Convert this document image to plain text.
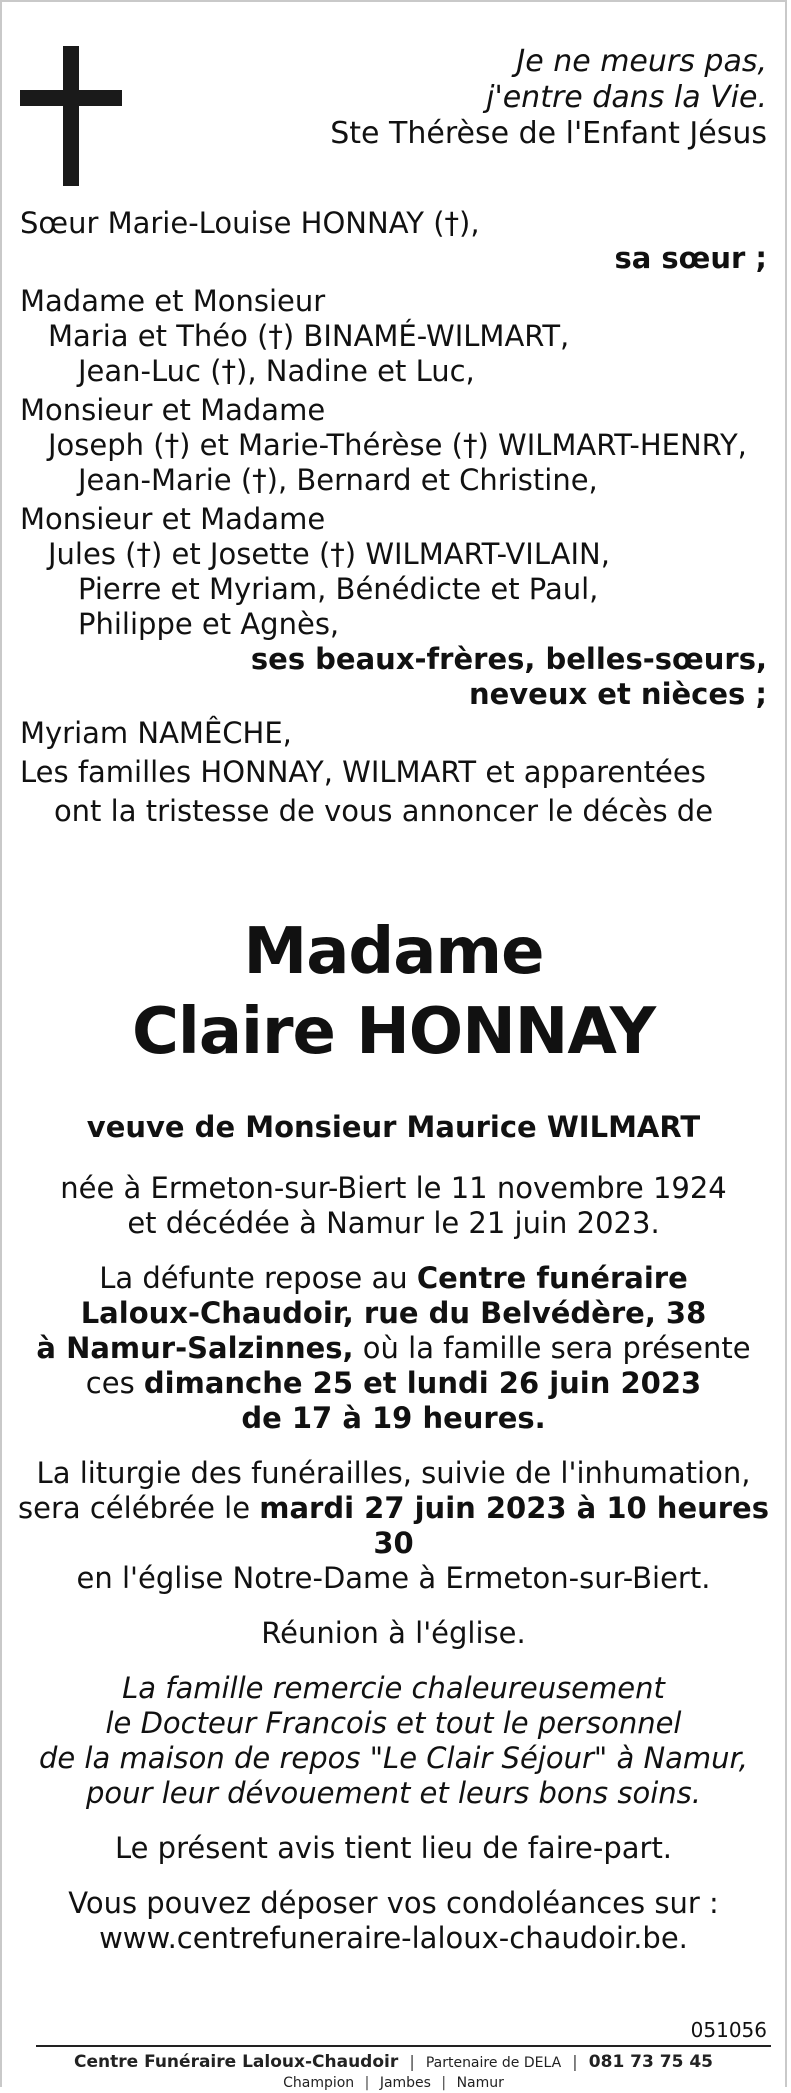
Je ne meurs pas,
j'entre dans la Vie.
Ste Thérèse de l'Enfant Jésus
Sœur Marie-Louise HONNAY (†),
sa sœur ;
Madame et Monsieur
Maria et Théo (†) BINAMÉ-WILMART,
Jean-Luc (†), Nadine et Luc,
Monsieur et Madame
Joseph (†) et Marie-Thérèse (†) WILMART-HENRY,
Jean-Marie (†), Bernard et Christine,
Monsieur et Madame
Jules (†) et Josette (†) WILMART-VILAIN,
Pierre et Myriam, Bénédicte et Paul,
Philippe et Agnès,
ses beaux-frères, belles-sœurs,
neveux et nièces ;
Myriam NAMÊCHE,
Les familles HONNAY, WILMART et apparentées
ont la tristesse de vous annoncer le décès de
Madame
Claire HONNAY

veuve de Monsieur Maurice WILMART

née à Ermeton-sur-Biert le 11 novembre 1924
et décédée à Namur le 21 juin 2023.

La défunte repose au Centre funéraire
Laloux-Chaudoir, rue du Belvédère, 38
à Namur-Salzinnes, où la famille sera présente
ces dimanche 25 et lundi 26 juin 2023
de 17 à 19 heures.

La liturgie des funérailles, suivie de l'inhumation,
sera célébrée le mardi 27 juin 2023 à 10 heures 30
en l'église Notre-Dame à Ermeton-sur-Biert.

Réunion à l'église.

La famille remercie chaleureusement
le Docteur Francois et tout le personnel
de la maison de repos "Le Clair Séjour" à Namur,
pour leur dévouement et leurs bons soins.

Le présent avis tient lieu de faire-part.

Vous pouvez déposer vos condoléances sur :
www.centrefuneraire-laloux-chaudoir.be.

051056
Centre Funéraire Laloux-Chaudoir | Partenaire de DELA | 081 73 75 45
Champion | Jambes | Namur
